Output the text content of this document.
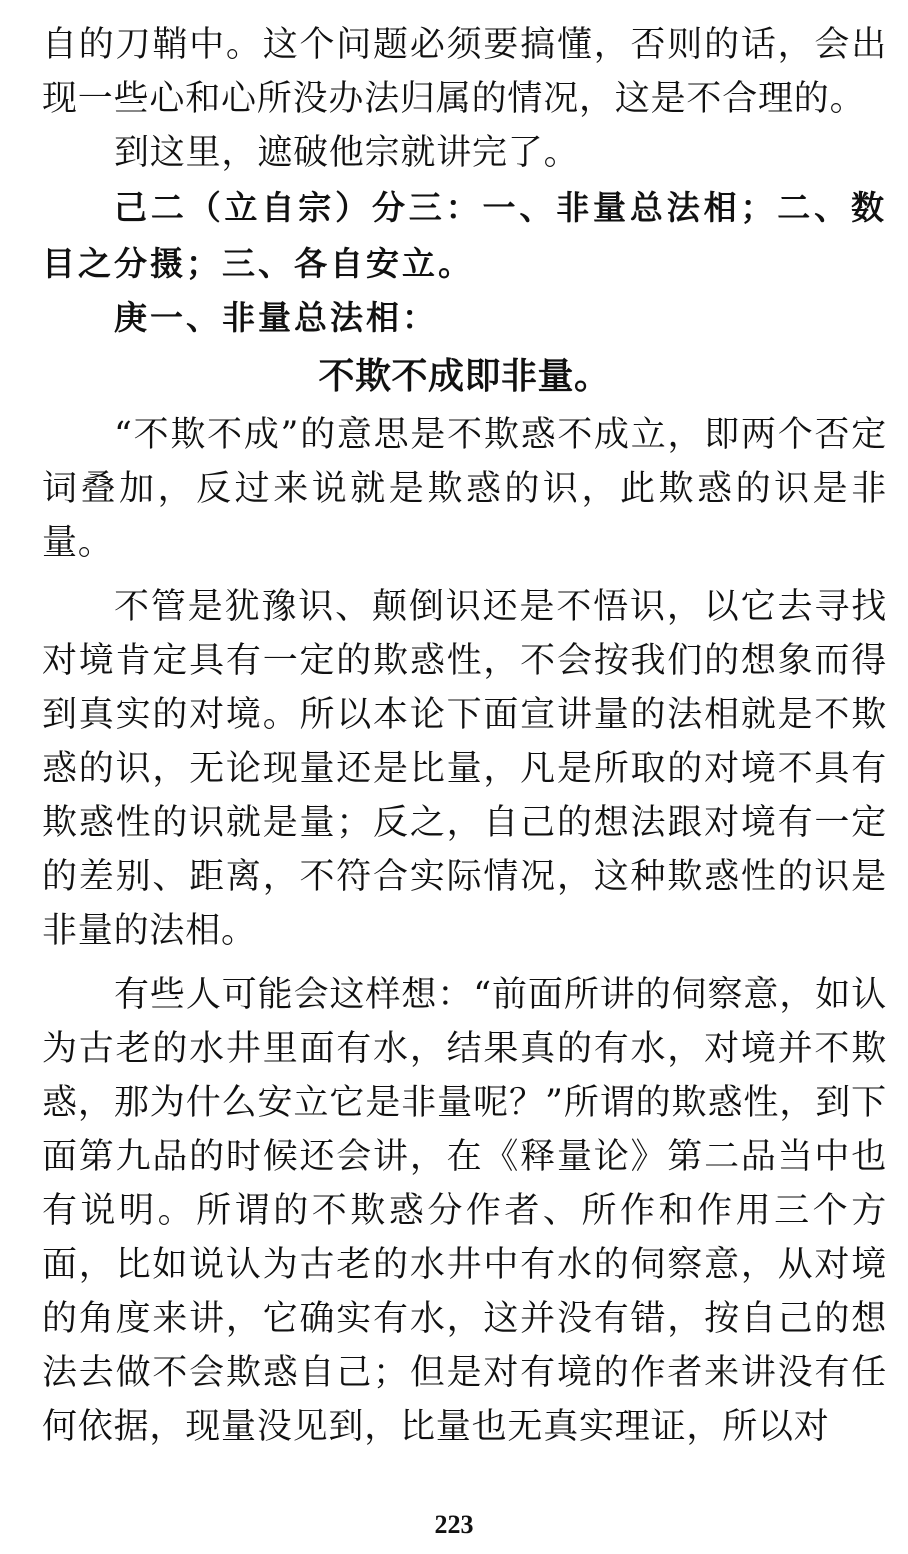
自的刀鞘中。这个问题必须要搞懂，否则的话，会出现一些心和心所没办法归属的情况，这是不合理的。

到这里，遮破他宗就讲完了。

己二（立自宗）分三：一、非量总法相；二、数目之分摄；三、各自安立。

庚一、非量总法相：

不欺不成即非量。

“不欺不成”的意思是不欺惑不成立，即两个否定词叠加，反过来说就是欺惑的识，此欺惑的识是非量。

不管是犹豫识、颠倒识还是不悟识，以它去寻找对境肯定具有一定的欺惑性，不会按我们的想象而得到真实的对境。所以本论下面宣讲量的法相就是不欺惑的识，无论现量还是比量，凡是所取的对境不具有欺惑性的识就是量；反之，自己的想法跟对境有一定的差别、距离，不符合实际情况，这种欺惑性的识是非量的法相。

有些人可能会这样想：“前面所讲的伺察意，如认为古老的水井里面有水，结果真的有水，对境并不欺惑，那为什么安立它是非量呢？”所谓的欺惑性，到下面第九品的时候还会讲，在《释量论》第二品当中也有说明。所谓的不欺惑分作者、所作和作用三个方面，比如说认为古老的水井中有水的伺察意，从对境的角度来讲，它确实有水，这并没有错，按自己的想法去做不会欺惑自己；但是对有境的作者来讲没有任何依据，现量没见到，比量也无真实理证，所以对

223
